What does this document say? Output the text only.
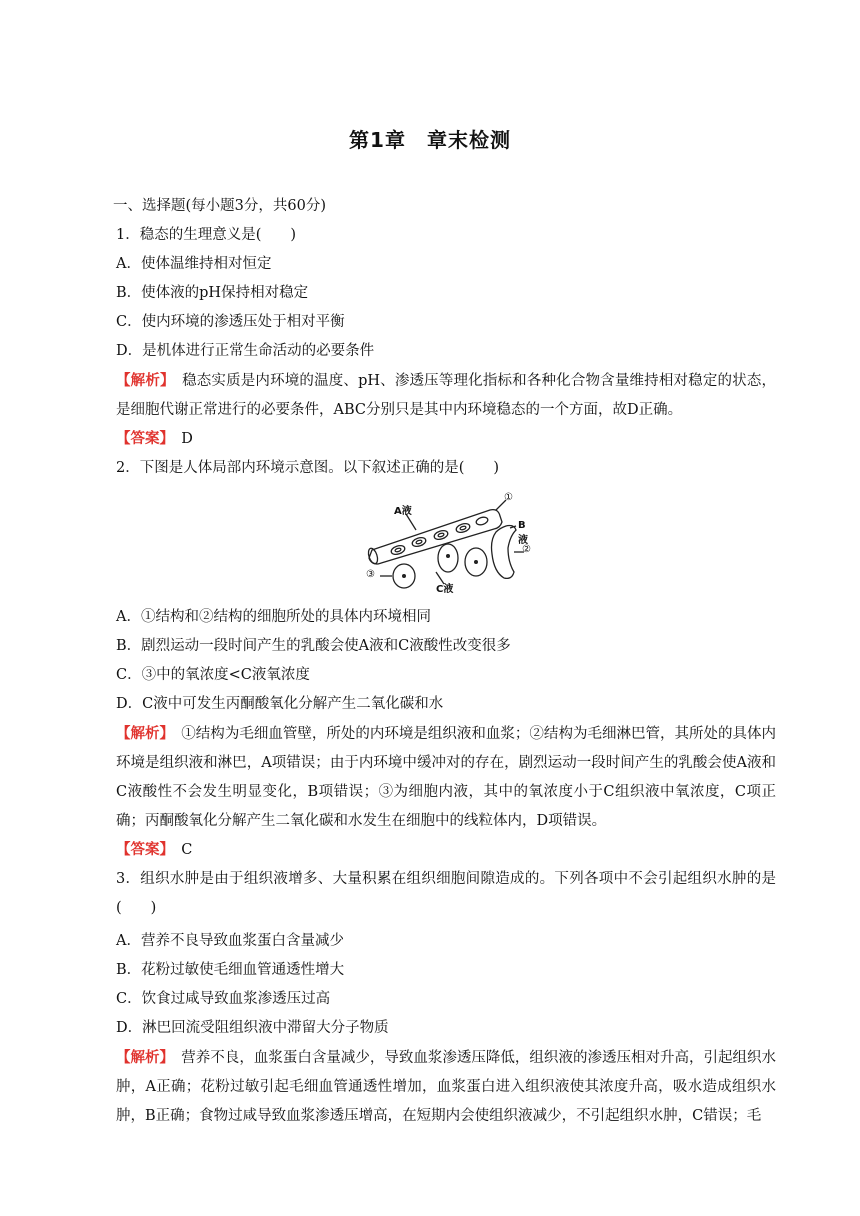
第1章　章末检测
一、选择题(每小题3分，共60分)
1．稳态的生理意义是(　　)
A．使体温维持相对恒定
B．使体液的pH保持相对稳定
C．使内环境的渗透压处于相对平衡
D．是机体进行正常生命活动的必要条件
【解析】　 稳态实质是内环境的温度、pH、渗透压等理化指标和各种化合物含量维持相对稳定的状态，是细胞代谢正常进行的必要条件，ABC分别只是其中内环境稳态的一个方面，故D正确。
【答案】　 D
2．下图是人体局部内环境示意图。以下叙述正确的是(　　)
A液
①
B液
②
③
C液
A．①结构和②结构的细胞所处的具体内环境相同
B．剧烈运动一段时间产生的乳酸会使A液和C液酸性改变很多
C．③中的氧浓度<C液氧浓度
D．C液中可发生丙酮酸氧化分解产生二氧化碳和水
【解析】　 ①结构为毛细血管壁，所处的内环境是组织液和血浆；②结构为毛细淋巴管，其所处的具体内环境是组织液和淋巴，A项错误；由于内环境中缓冲对的存在，剧烈运动一段时间产生的乳酸会使A液和C液酸性不会发生明显变化，B项错误；③为细胞内液，其中的氧浓度小于C组织液中氧浓度，C项正确；丙酮酸氧化分解产生二氧化碳和水发生在细胞中的线粒体内，D项错误。
【答案】　 C
3．组织水肿是由于组织液增多、大量积累在组织细胞间隙造成的。下列各项中不会引起组织水肿的是(　　)
A．营养不良导致血浆蛋白含量减少
B．花粉过敏使毛细血管通透性增大
C．饮食过咸导致血浆渗透压过高
D．淋巴回流受阻组织液中滞留大分子物质
【解析】　 营养不良，血浆蛋白含量减少，导致血浆渗透压降低，组织液的渗透压相对升高，引起组织水肿，A正确；花粉过敏引起毛细血管通透性增加，血浆蛋白进入组织液使其浓度升高，吸水造成组织水肿，B正确；食物过咸导致血浆渗透压增高，在短期内会使组织液减少，不引起组织水肿，C错误；毛
